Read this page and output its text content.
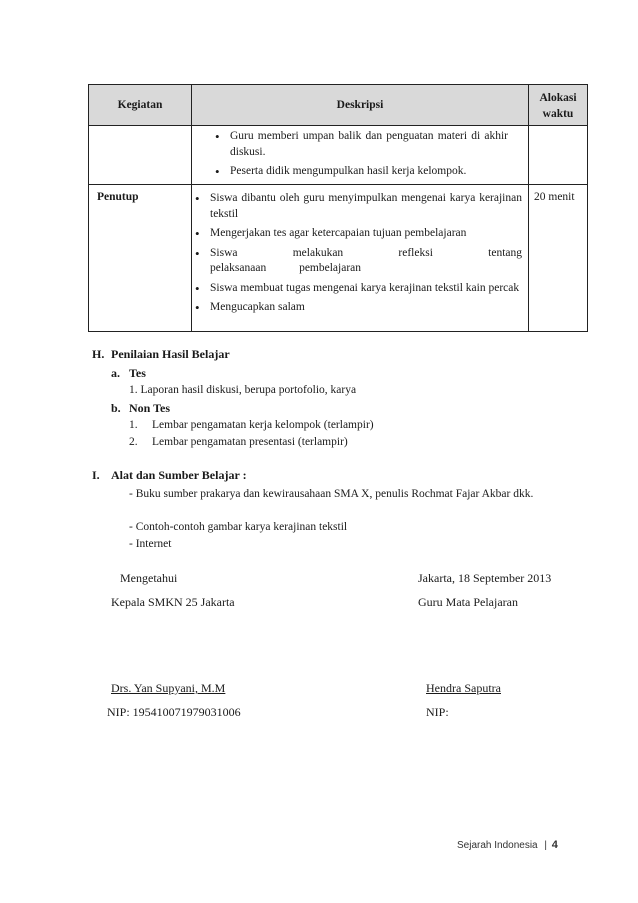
Kegiatan	Deskripsi
Alokasi waktu
• Guru memberi umpan balik dan penguatan materi di akhir diskusi.
• Peserta didik mengumpulkan hasil kerja kelompok.
Penutup
•	Siswa dibantu oleh guru menyimpulkan mengenai karya kerajinan tekstil
• Mengerjakan tes agar ketercapaian tujuan pembelajaran
• Siswa melakukan refleksi tentang pelaksanaan pembelajaran
• Siswa membuat tugas mengenai karya kerajinan tekstil kain percak
• Mengucapkan salam
20 menit
H. Penilaian Hasil Belajar
a. Tes
1. Laporan hasil diskusi, berupa portofolio, karya
b. Non Tes
1. Lembar pengamatan kerja kelompok (terlampir)
2. Lembar pengamatan presentasi (terlampir)
I. Alat dan Sumber Belajar :
- Buku sumber prakarya dan kewirausahaan SMA X, penulis Rochmat Fajar Akbar dkk.
- Contoh-contoh gambar karya kerajinan tekstil
- Internet
Mengetahui
Kepala SMKN 25 Jakarta
Drs. Yan Supyani, M.M
NIP: 195410071979031006
Jakarta, 18 September 2013
Guru Mata Pelajaran
Hendra Saputra
NIP:
Sejarah Indonesia | 4
